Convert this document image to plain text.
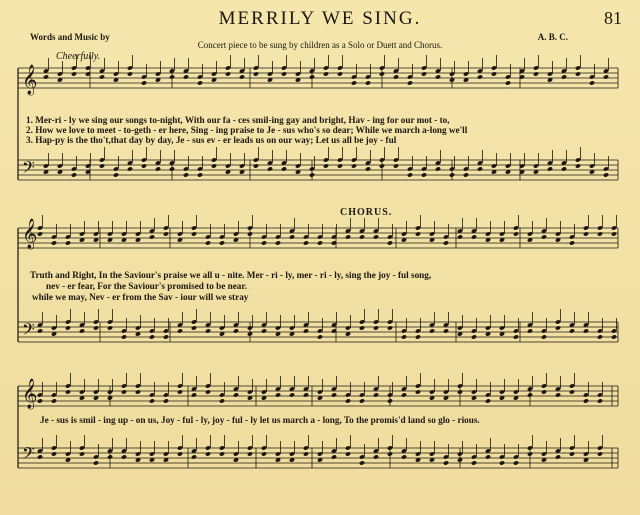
MERRILY WE SING.	81
Words and Music by
Concert piece to be sung by children as a Solo or Duett and Chorus.
A. B. C.
Cheerfully.
CHORUS.
𝄞
𝄞
𝄞
𝄢
𝄢
𝄢
1. Mer-ri - ly we sing our songs to-night, With our fa - ces smil-ing gay and bright, Hav - ing for our mot - to,
2. How we love to meet - to-geth - er here, Sing - ing praise to Je - sus who's so dear; While we march a-long we'll
3. Hap-py is the tho't,that day by day, Je - sus ev - er leads us on our way; Let us all be joy - ful
Truth and Right, In the Saviour's praise we all u - nite. Mer - ri - ly, mer - ri - ly, sing the joy - ful song,
nev - er fear, For the Saviour's promised to be near.
while we may, Nev - er from the Sav - iour will we stray
Je - sus is smil - ing up - on us, Joy - ful - ly, joy - ful - ly let us march a - long, To the promis'd land so glo - rious.
